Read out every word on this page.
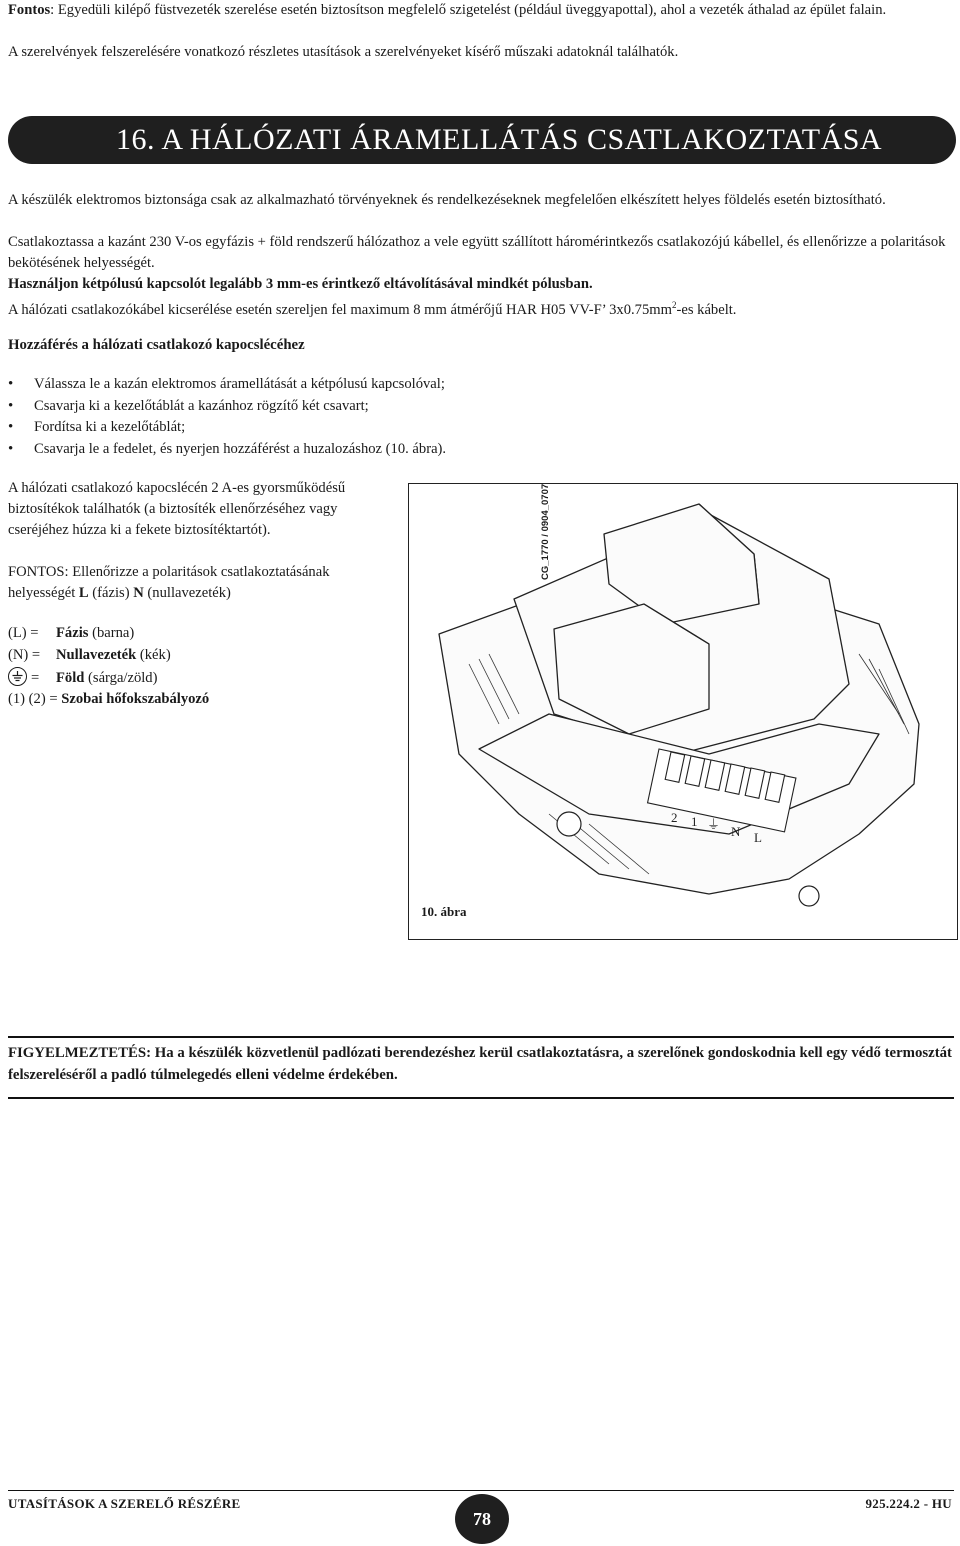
Fontos: Egyedüli kilépő füstvezeték szerelése esetén biztosítson megfelelő szigetelést (például üveggyapottal), ahol a vezeték áthalad az épület falain.

A szerelvények felszerelésére vonatkozó részletes utasítások a szerelvényeket kísérő műszaki adatoknál találhatók.

16. A HÁLÓZATI ÁRAMELLÁTÁS CSATLAKOZTATÁSA

A készülék elektromos biztonsága csak az alkalmazható törvényeknek és rendelkezéseknek megfelelően elkészített helyes földelés esetén biztosítható.

Csatlakoztassa a kazánt 230 V-os egyfázis + föld rendszerű hálózathoz a vele együtt szállított háromérintkezős csatlakozójú kábellel, és ellenőrizze a polaritások bekötésének helyességét.

Használjon kétpólusú kapcsolót legalább 3 mm-es érintkező eltávolításával mindkét pólusban.

A hálózati csatlakozókábel kicserélése esetén szereljen fel maximum 8 mm átmérőjű HAR H05 VV-F’ $3x0.75mm^2-es$ kábelt.

Hozzáférés a hálózati csatlakozó kapocslécéhez

• Válassza le a kazán elektromos áramellátását a kétpólusú kapcsolóval;
• Csavarja ki a kezelőtáblát a kazánhoz rögzítő két csavart;
• Fordítsa ki a kezelőtáblát;
• Csavarja le a fedelet, és nyerjen hozzáférést a huzalozáshoz (10. ábra).

A hálózati csatlakozó kapocslécén 2 A-es gyorsműködésű biztosítékok találhatók (a biztosíték ellenőrzéséhez vagy cseréjéhez húzza ki a fekete biztosítéktartót).

FONTOS: Ellenőrizze a polaritások csatlakoztatásának helyességét L (fázis) N (nullavezeték)

(L) = Fázis (barna)

(N) = Nullavezeték (kék)

= Föld (sárga/zöld)

(1) (2) = Szobai hőfokszabályozó

2 1 ⏚ N L

10. ábra

CG_1770 / 0904_0707

FIGYELMEZTETÉS: Ha a készülék közvetlenül padlózati berendezéshez kerül csatlakoztatásra, a szerelőnek gondoskodnia kell egy védő termosztát felszereléséről a padló túlmelegedés elleni védelme érdekében.

UTASÍTÁSOK A SZERELŐ RÉSZÉRE

78

925.224.2 - HU
